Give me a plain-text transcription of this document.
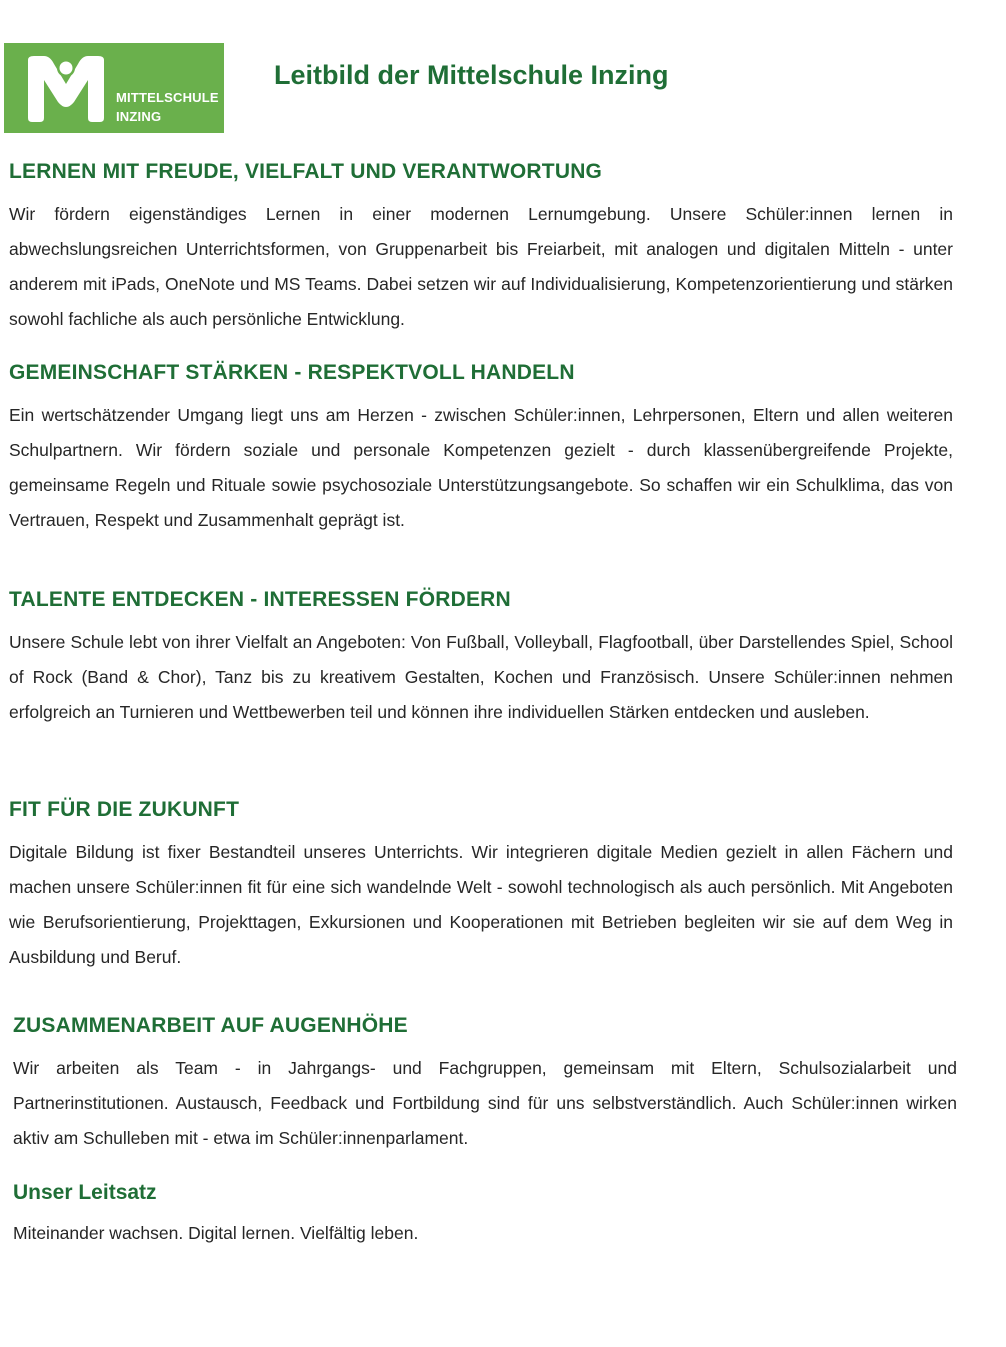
MITTELSCHULE
INZING
Leitbild der Mittelschule Inzing
LERNEN MIT FREUDE, VIELFALT UND VERANTWORTUNG

Wir fördern eigenständiges Lernen in einer modernen Lernumgebung. Unsere Schüler:innen lernen in abwechslungsreichen Unterrichtsformen, von Gruppenarbeit bis Freiarbeit, mit analogen und digitalen Mitteln - unter anderem mit iPads, OneNote und MS Teams. Dabei setzen wir auf Individualisierung, Kompetenzorientierung und stärken sowohl fachliche als auch persönliche Entwicklung.

GEMEINSCHAFT STÄRKEN - RESPEKTVOLL HANDELN

Ein wertschätzender Umgang liegt uns am Herzen - zwischen Schüler:innen, Lehrpersonen, Eltern und allen weiteren Schulpartnern. Wir fördern soziale und personale Kompetenzen gezielt - durch klassenübergreifende Projekte, gemeinsame Regeln und Rituale sowie psychosoziale Unterstützungsangebote. So schaffen wir ein Schulklima, das von Vertrauen, Respekt und Zusammenhalt geprägt ist.

TALENTE ENTDECKEN - INTERESSEN FÖRDERN

Unsere Schule lebt von ihrer Vielfalt an Angeboten: Von Fußball, Volleyball, Flagfootball, über Darstellendes Spiel, School of Rock (Band & Chor), Tanz bis zu kreativem Gestalten, Kochen und Französisch. Unsere Schüler:innen nehmen erfolgreich an Turnieren und Wettbewerben teil und können ihre individuellen Stärken entdecken und ausleben.

FIT FÜR DIE ZUKUNFT

Digitale Bildung ist fixer Bestandteil unseres Unterrichts. Wir integrieren digitale Medien gezielt in allen Fächern und machen unsere Schüler:innen fit für eine sich wandelnde Welt - sowohl technologisch als auch persönlich. Mit Angeboten wie Berufsorientierung, Projekttagen, Exkursionen und Kooperationen mit Betrieben begleiten wir sie auf dem Weg in Ausbildung und Beruf.

ZUSAMMENARBEIT AUF AUGENHÖHE

Wir arbeiten als Team - in Jahrgangs- und Fachgruppen, gemeinsam mit Eltern, Schulsozialarbeit und Partnerinstitutionen. Austausch, Feedback und Fortbildung sind für uns selbstverständlich. Auch Schüler:innen wirken aktiv am Schulleben mit - etwa im Schüler:innenparlament.

Unser Leitsatz

Miteinander wachsen. Digital lernen. Vielfältig leben.
